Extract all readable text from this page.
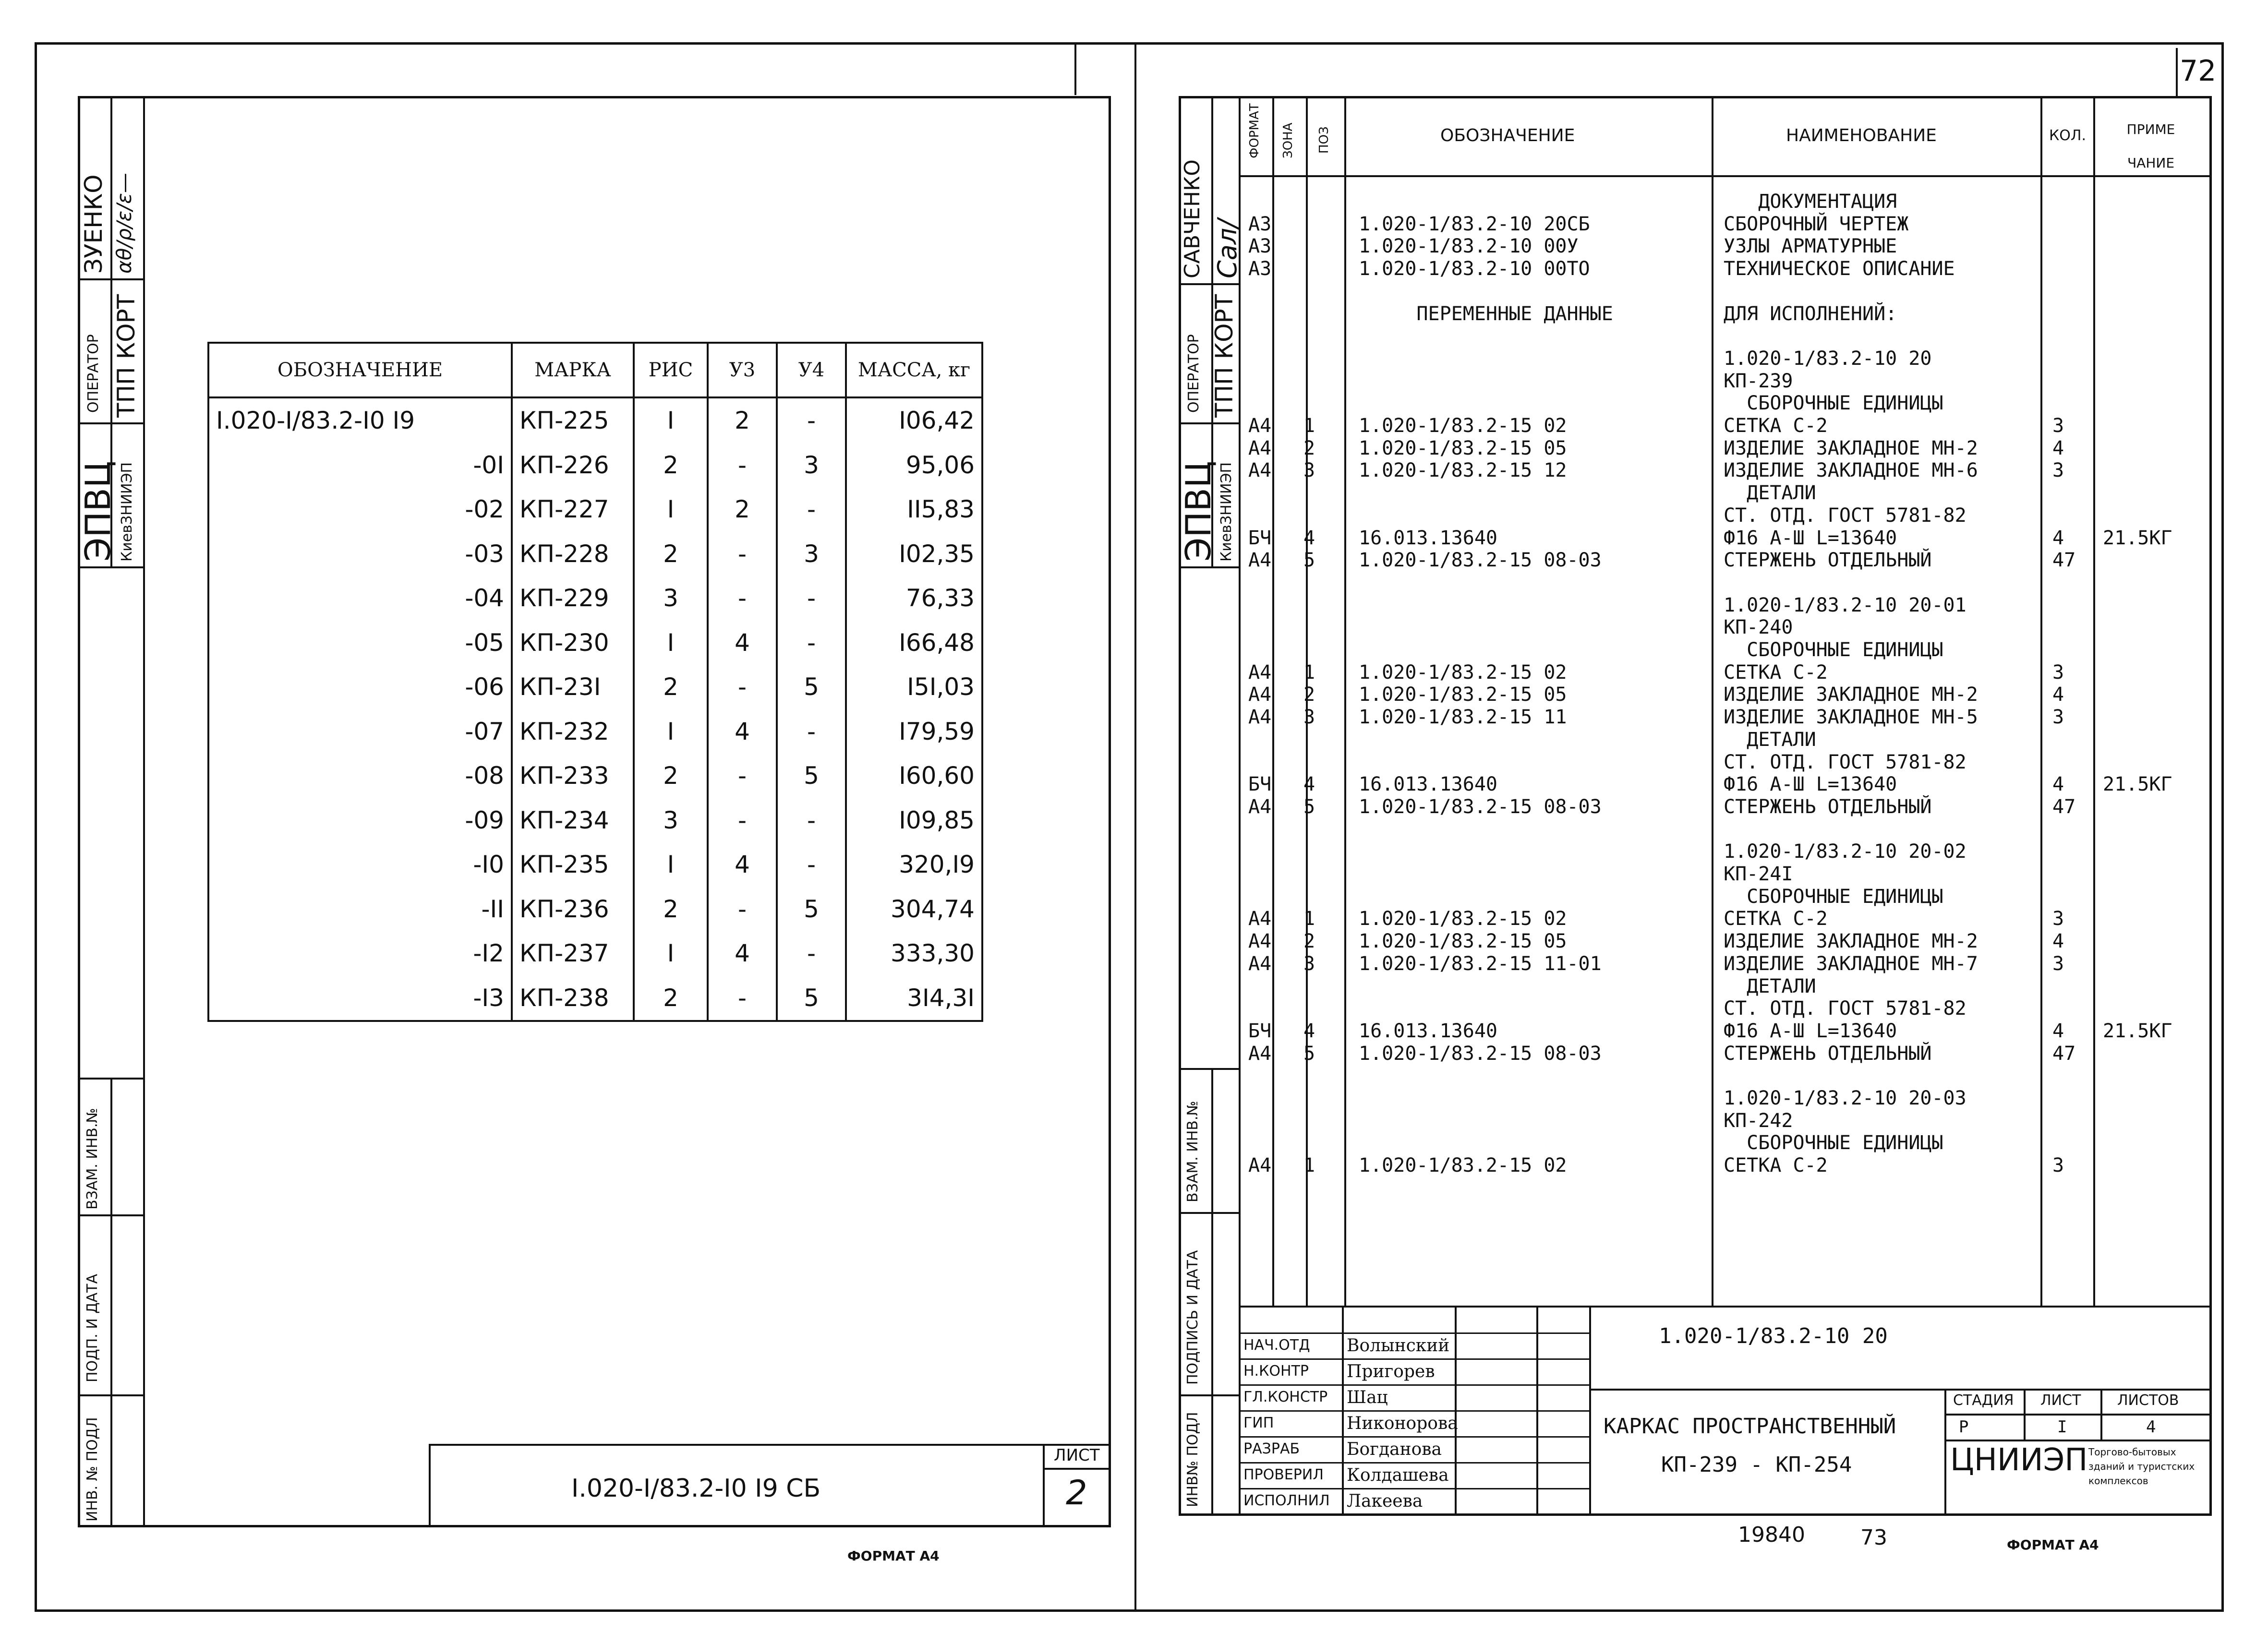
72
ЗУЕНКО αθ/ρ/ε/ε—
ОПЕРАТОР ТПП КОРТ
ЭПВЦ КиевЗНИИЭП
ВЗАМ. ИНВ.№
ПОДП. И ДАТА
ИНВ. № ПОДЛ
ОБОЗНАЧЕНИЕ	МАРКА	РИС	У3	У4	МАССА, кг
I.020-I/83.2-I0 I9	КП-225	I	2	-	I06,42
-0I	КП-226	2	-	3	95,06
-02	КП-227	I	2	-	II5,83
-03	КП-228	2	-	3	I02,35
-04	КП-229	3	-	-	76,33
-05	КП-230	I	4	-	I66,48
-06	КП-23I	2	-	5	I5I,03
-07	КП-232	I	4	-	I79,59
-08	КП-233	2	-	5	I60,60
-09	КП-234	3	-	-	I09,85
-I0	КП-235	I	4	-	320,I9
-II	КП-236	2	-	5	304,74
-I2	КП-237	I	4	-	333,30
-I3	КП-238	2	-	5	3I4,3I
I.020-I/83.2-I0 I9 СБ
ЛИСТ
2
ФОРМАТ А4
САВЧЕНКО Сал/
ОПЕРАТОР ТПП КОРТ
ЭПВЦ КиевЗНИИЭП
ВЗАМ. ИНВ.№
ПОДПИСЬ И ДАТА
ИНВ№ ПОДЛ
ФОРМАТ ЗОНА ПОЗ	ОБОЗНАЧЕНИЕ	НАИМЕНОВАНИЕ	КОЛ.	ПРИМЕ ЧАНИЕ
ДОКУМЕНТАЦИЯ
А3	1.020-1/83.2-10 20СБ	СБОРОЧНЫЙ ЧЕРТЕЖ
А3	1.020-1/83.2-10 00У	УЗЛЫ АРМАТУРНЫЕ
А3	1.020-1/83.2-10 00ТО	ТЕХНИЧЕСКОЕ ОПИСАНИЕ
ПЕРЕМЕННЫЕ ДАННЫЕ	ДЛЯ ИСПОЛНЕНИЙ:
1.020-1/83.2-10 20
КП-239
СБОРОЧНЫЕ ЕДИНИЦЫ
А4 1 1.020-1/83.2-15 02	СЕТКА С-2	3
А4 2 1.020-1/83.2-15 05	ИЗДЕЛИЕ ЗАКЛАДНОЕ МН-2	4
А4 3 1.020-1/83.2-15 12	ИЗДЕЛИЕ ЗАКЛАДНОЕ МН-6	3
ДЕТАЛИ
СТ. ОТД. ГОСТ 5781-82
БЧ 4 16.013.13640	Ф16 А-Ш L=13640	4 21.5КГ
А4 5 1.020-1/83.2-15 08-03	СТЕРЖЕНЬ ОТДЕЛЬНЫЙ	47
1.020-1/83.2-10 20-01
КП-240
СБОРОЧНЫЕ ЕДИНИЦЫ
А4 1 1.020-1/83.2-15 02	СЕТКА С-2	3
А4 2 1.020-1/83.2-15 05	ИЗДЕЛИЕ ЗАКЛАДНОЕ МН-2	4
А4 3 1.020-1/83.2-15 11	ИЗДЕЛИЕ ЗАКЛАДНОЕ МН-5	3
ДЕТАЛИ
СТ. ОТД. ГОСТ 5781-82
БЧ 4 16.013.13640	Ф16 А-Ш L=13640	4 21.5КГ
А4 5 1.020-1/83.2-15 08-03	СТЕРЖЕНЬ ОТДЕЛЬНЫЙ	47
1.020-1/83.2-10 20-02
КП-24I
СБОРОЧНЫЕ ЕДИНИЦЫ
А4 1 1.020-1/83.2-15 02	СЕТКА С-2	3
А4 2 1.020-1/83.2-15 05	ИЗДЕЛИЕ ЗАКЛАДНОЕ МН-2	4
А4 3 1.020-1/83.2-15 11-01	ИЗДЕЛИЕ ЗАКЛАДНОЕ МН-7	3
ДЕТАЛИ
СТ. ОТД. ГОСТ 5781-82
БЧ 4 16.013.13640	Ф16 А-Ш L=13640	4 21.5КГ
А4 5 1.020-1/83.2-15 08-03	СТЕРЖЕНЬ ОТДЕЛЬНЫЙ	47
1.020-1/83.2-10 20-03
КП-242
СБОРОЧНЫЕ ЕДИНИЦЫ
А4 1 1.020-1/83.2-15 02	СЕТКА С-2	3
НАЧ.ОТД Волынский
Н.КОНТР Пригорев
ГЛ.КОНСТР Шац
ГИП	Никонорова
РАЗРАБ	Богданова
ПРОВЕРИЛ Колдашева
ИСПОЛНИЛ Лакеева
1.020-1/83.2-10 20
КАРКАС ПРОСТРАНСТВЕННЫЙ
КП-239 - КП-254
СТАДИЯ ЛИСТ	ЛИСТОВ
Р	I	4
ЦНИИЭП Торгово-бытовых зданий и туристских комплексов
19840	73	ФОРМАТ А4
